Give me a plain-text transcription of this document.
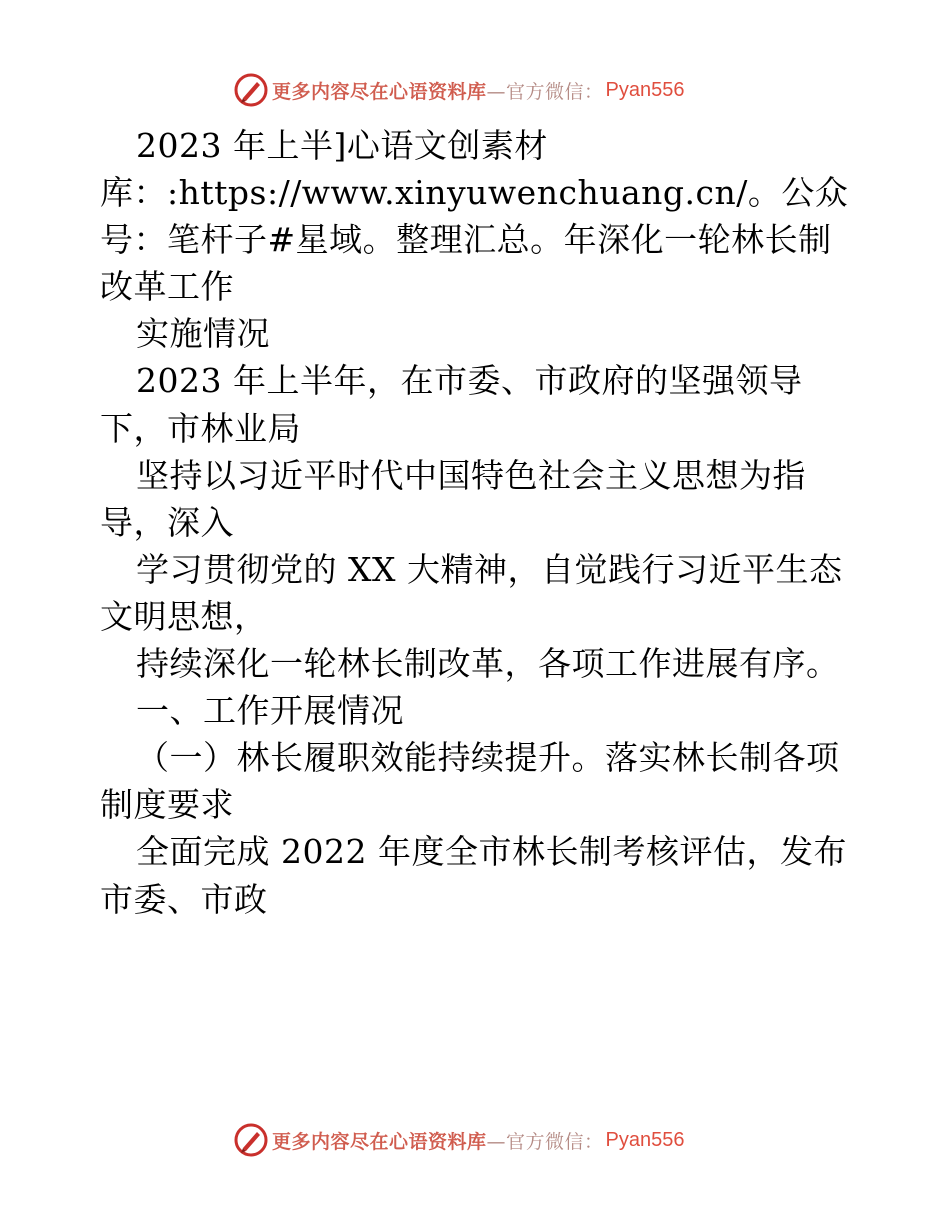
更多内容尽在心语资料库 —官方微信： Pyan556

2023 年上半]心语文创素材

库：:https://www.xinyuwenchuang.cn/。公众

号：笔杆子#星域。整理汇总。年深化一轮林长制

改革工作

实施情况

2023 年上半年，在市委、市政府的坚强领导

下，市林业局

坚持以习近平时代中国特色社会主义思想为指

导，深入

学习贯彻党的 XX 大精神，自觉践行习近平生态

文明思想，

持续深化一轮林长制改革，各项工作进展有序。

一、工作开展情况

（一）林长履职效能持续提升。落实林长制各项

制度要求

全面完成 2022 年度全市林长制考核评估，发布

市委、市政

更多内容尽在心语资料库 —官方微信： Pyan556
